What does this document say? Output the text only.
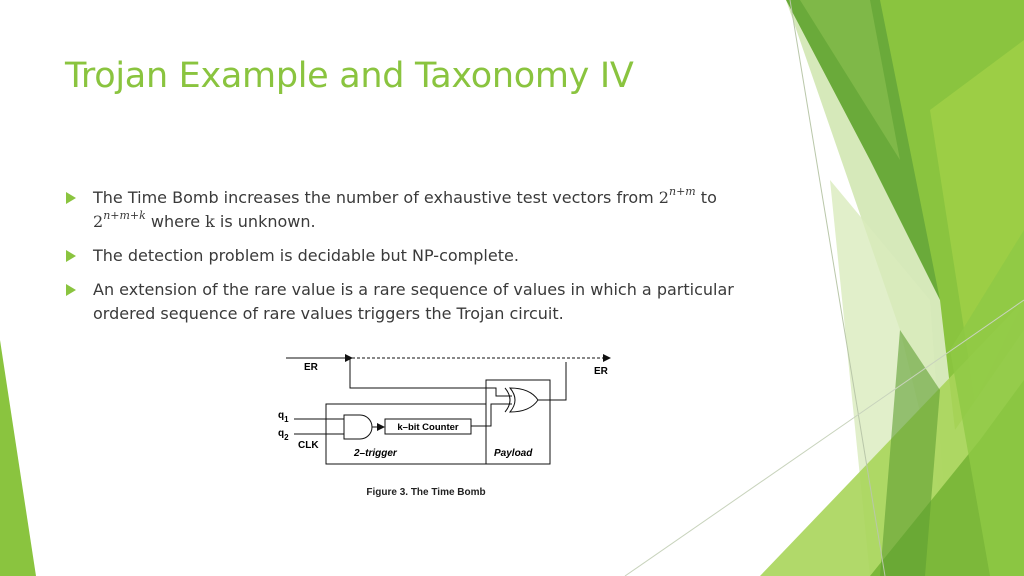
Trojan Example and Taxonomy IV
The Time Bomb increases the number of exhaustive test vectors from $2^{n+m}$ to
$2^{n+m+k}$ where k is unknown.
The detection problem is decidable but NP-complete.
An extension of the rare value is a rare sequence of values in which a particular ordered sequence of rare values triggers the Trojan circuit.
ER	ER
$q_1$
$q_2$
CLK
k–bit Counter
2–trigger	Payload
Figure 3. The Time Bomb
